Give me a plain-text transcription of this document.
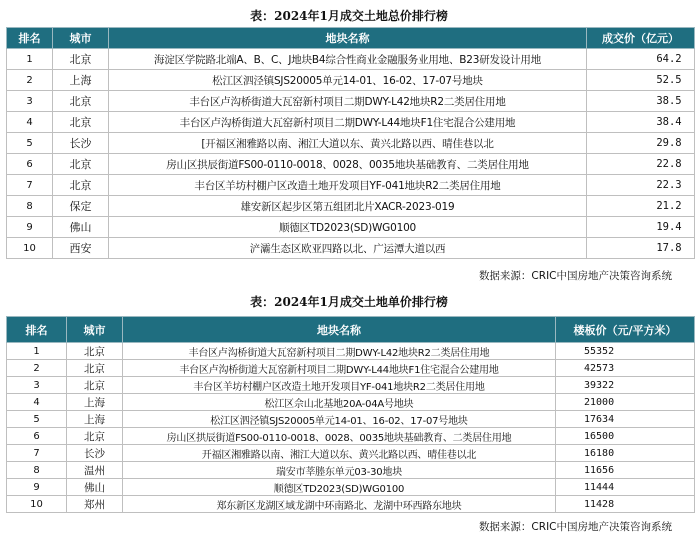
表：2024年1月成交土地总价排行榜
排名	城市	地块名称	成交价（亿元）
1	北京	海淀区学院路北端A、B、C、J地块B4综合性商业金融服务业用地、B23研发设计用地	64.2
2	上海	松江区泗泾镇SJS20005单元14-01、16-02、17-07号地块	52.5
3	北京	丰台区卢沟桥街道大瓦窑新村项目二期DWY-L42地块R2二类居住用地	38.5
4	北京	丰台区卢沟桥街道大瓦窑新村项目二期DWY-L44地块F1住宅混合公建用地	38.4
5	长沙	[开福区湘雅路以南、湘江大道以东、黄兴北路以西、晴佳巷以北	29.8
6	北京	房山区拱辰街道FS00-0110-0018、0028、0035地块基础教育、二类居住用地	22.8
7	北京	丰台区羊坊村棚户区改造土地开发项目YF-041地块R2二类居住用地	22.3
8	保定	雄安新区起步区第五组团北片XACR-2023-019	21.2
9	佛山	顺德区TD2023(SD)WG0100	19.4
10	西安	浐灞生态区欧亚四路以北、广运潭大道以西	17.8
数据来源：CRIC中国房地产决策咨询系统
表：2024年1月成交土地单价排行榜
排名	城市	地块名称	楼板价（元/平方米）
1	北京	丰台区卢沟桥街道大瓦窑新村项目二期DWY-L42地块R2二类居住用地	55352
2	北京	丰台区卢沟桥街道大瓦窑新村项目二期DWY-L44地块F1住宅混合公建用地	42573
3	北京	丰台区羊坊村棚户区改造土地开发项目YF-041地块R2二类居住用地	39322
4	上海	松江区佘山北基地20A-04A号地块	21000
5	上海	松江区泗泾镇SJS20005单元14-01、16-02、17-07号地块	17634
6	北京	房山区拱辰街道FS00-0110-0018、0028、0035地块基础教育、二类居住用地	16500
7	长沙	开福区湘雅路以南、湘江大道以东、黄兴北路以西、晴佳巷以北	16180
8	温州	瑞安市莘塍东单元03-30地块	11656
9	佛山	顺德区TD2023(SD)WG0100	11444
10	郑州	郑东新区龙湖区域龙湖中环南路北、龙湖中环西路东地块	11428
数据来源：CRIC中国房地产决策咨询系统
